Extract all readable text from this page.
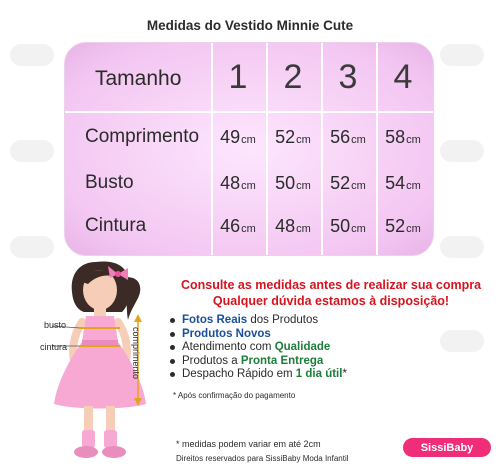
Medidas do Vestido Minnie Cute
Tamanho 1 2 3 4
Comprimento	49cm	52cm	56cm	58cm
Busto	48cm	50cm	52cm	54cm
Cintura	46cm	48cm	50cm	52cm
busto
cintura	comprimento
Consulte as medidas antes de realizar sua compra
Qualquer dúvida estamos à disposição!
Fotos Reais dos Produtos
Produtos Novos
Atendimento com Qualidade
Produtos a Pronta Entrega
Despacho Rápido em 1 dia útil*
* Após confirmação do pagamento
* medidas podem variar em até 2cm
Direitos reservados para SissiBaby Moda Infantil
SissiBaby
